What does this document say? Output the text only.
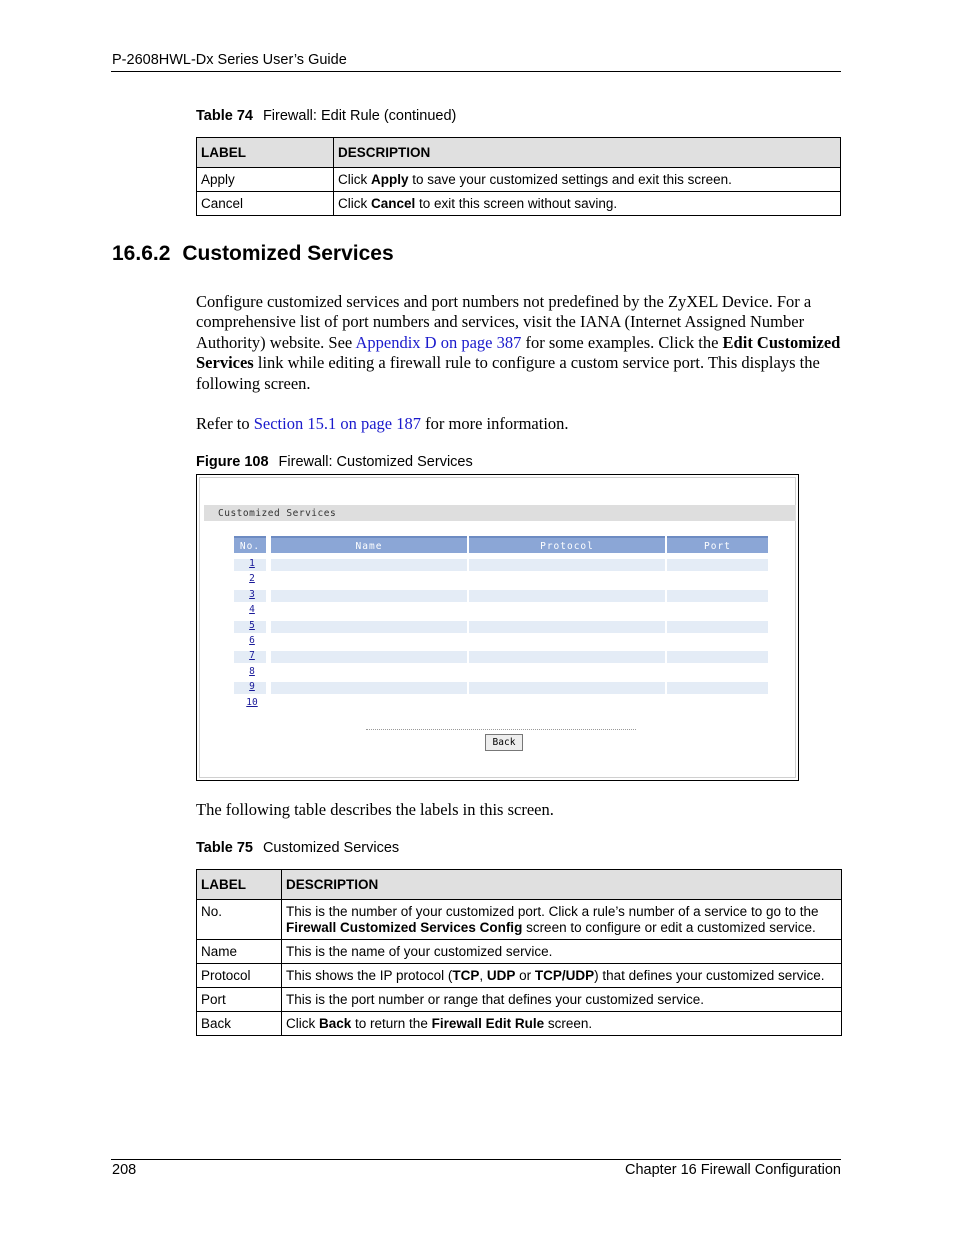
P-2608HWL-Dx Series User’s Guide
Table 74 Firewall: Edit Rule (continued)
LABEL	DESCRIPTION
Apply	Click Apply to save your customized settings and exit this screen.
Cancel	Click Cancel to exit this screen without saving.
16.6.2 Customized Services
Configure customized services and port numbers not predefined by the ZyXEL Device. For a comprehensive list of port numbers and services, visit the IANA (Internet Assigned Number Authority) website. See Appendix D on page 387 for some examples. Click the Edit Customized Services link while editing a firewall rule to configure a custom service port. This displays the following screen.
Refer to Section 15.1 on page 187 for more information.
Figure 108 Firewall: Customized Services
Customized Services
No.	Name	Protocol	Port
1
2
3
4
5
6
7
8
9
10
Back
The following table describes the labels in this screen.
Table 75 Customized Services
LABEL	DESCRIPTION
No.	This is the number of your customized port. Click a rule’s number of a service to go to the Firewall Customized Services Config screen to configure or edit a customized service.
Name	This is the name of your customized service.
Protocol	This shows the IP protocol (TCP, UDP or TCP/UDP) that defines your customized service.
Port	This is the port number or range that defines your customized service.
Back	Click Back to return the Firewall Edit Rule screen.
208	Chapter 16 Firewall Configuration
